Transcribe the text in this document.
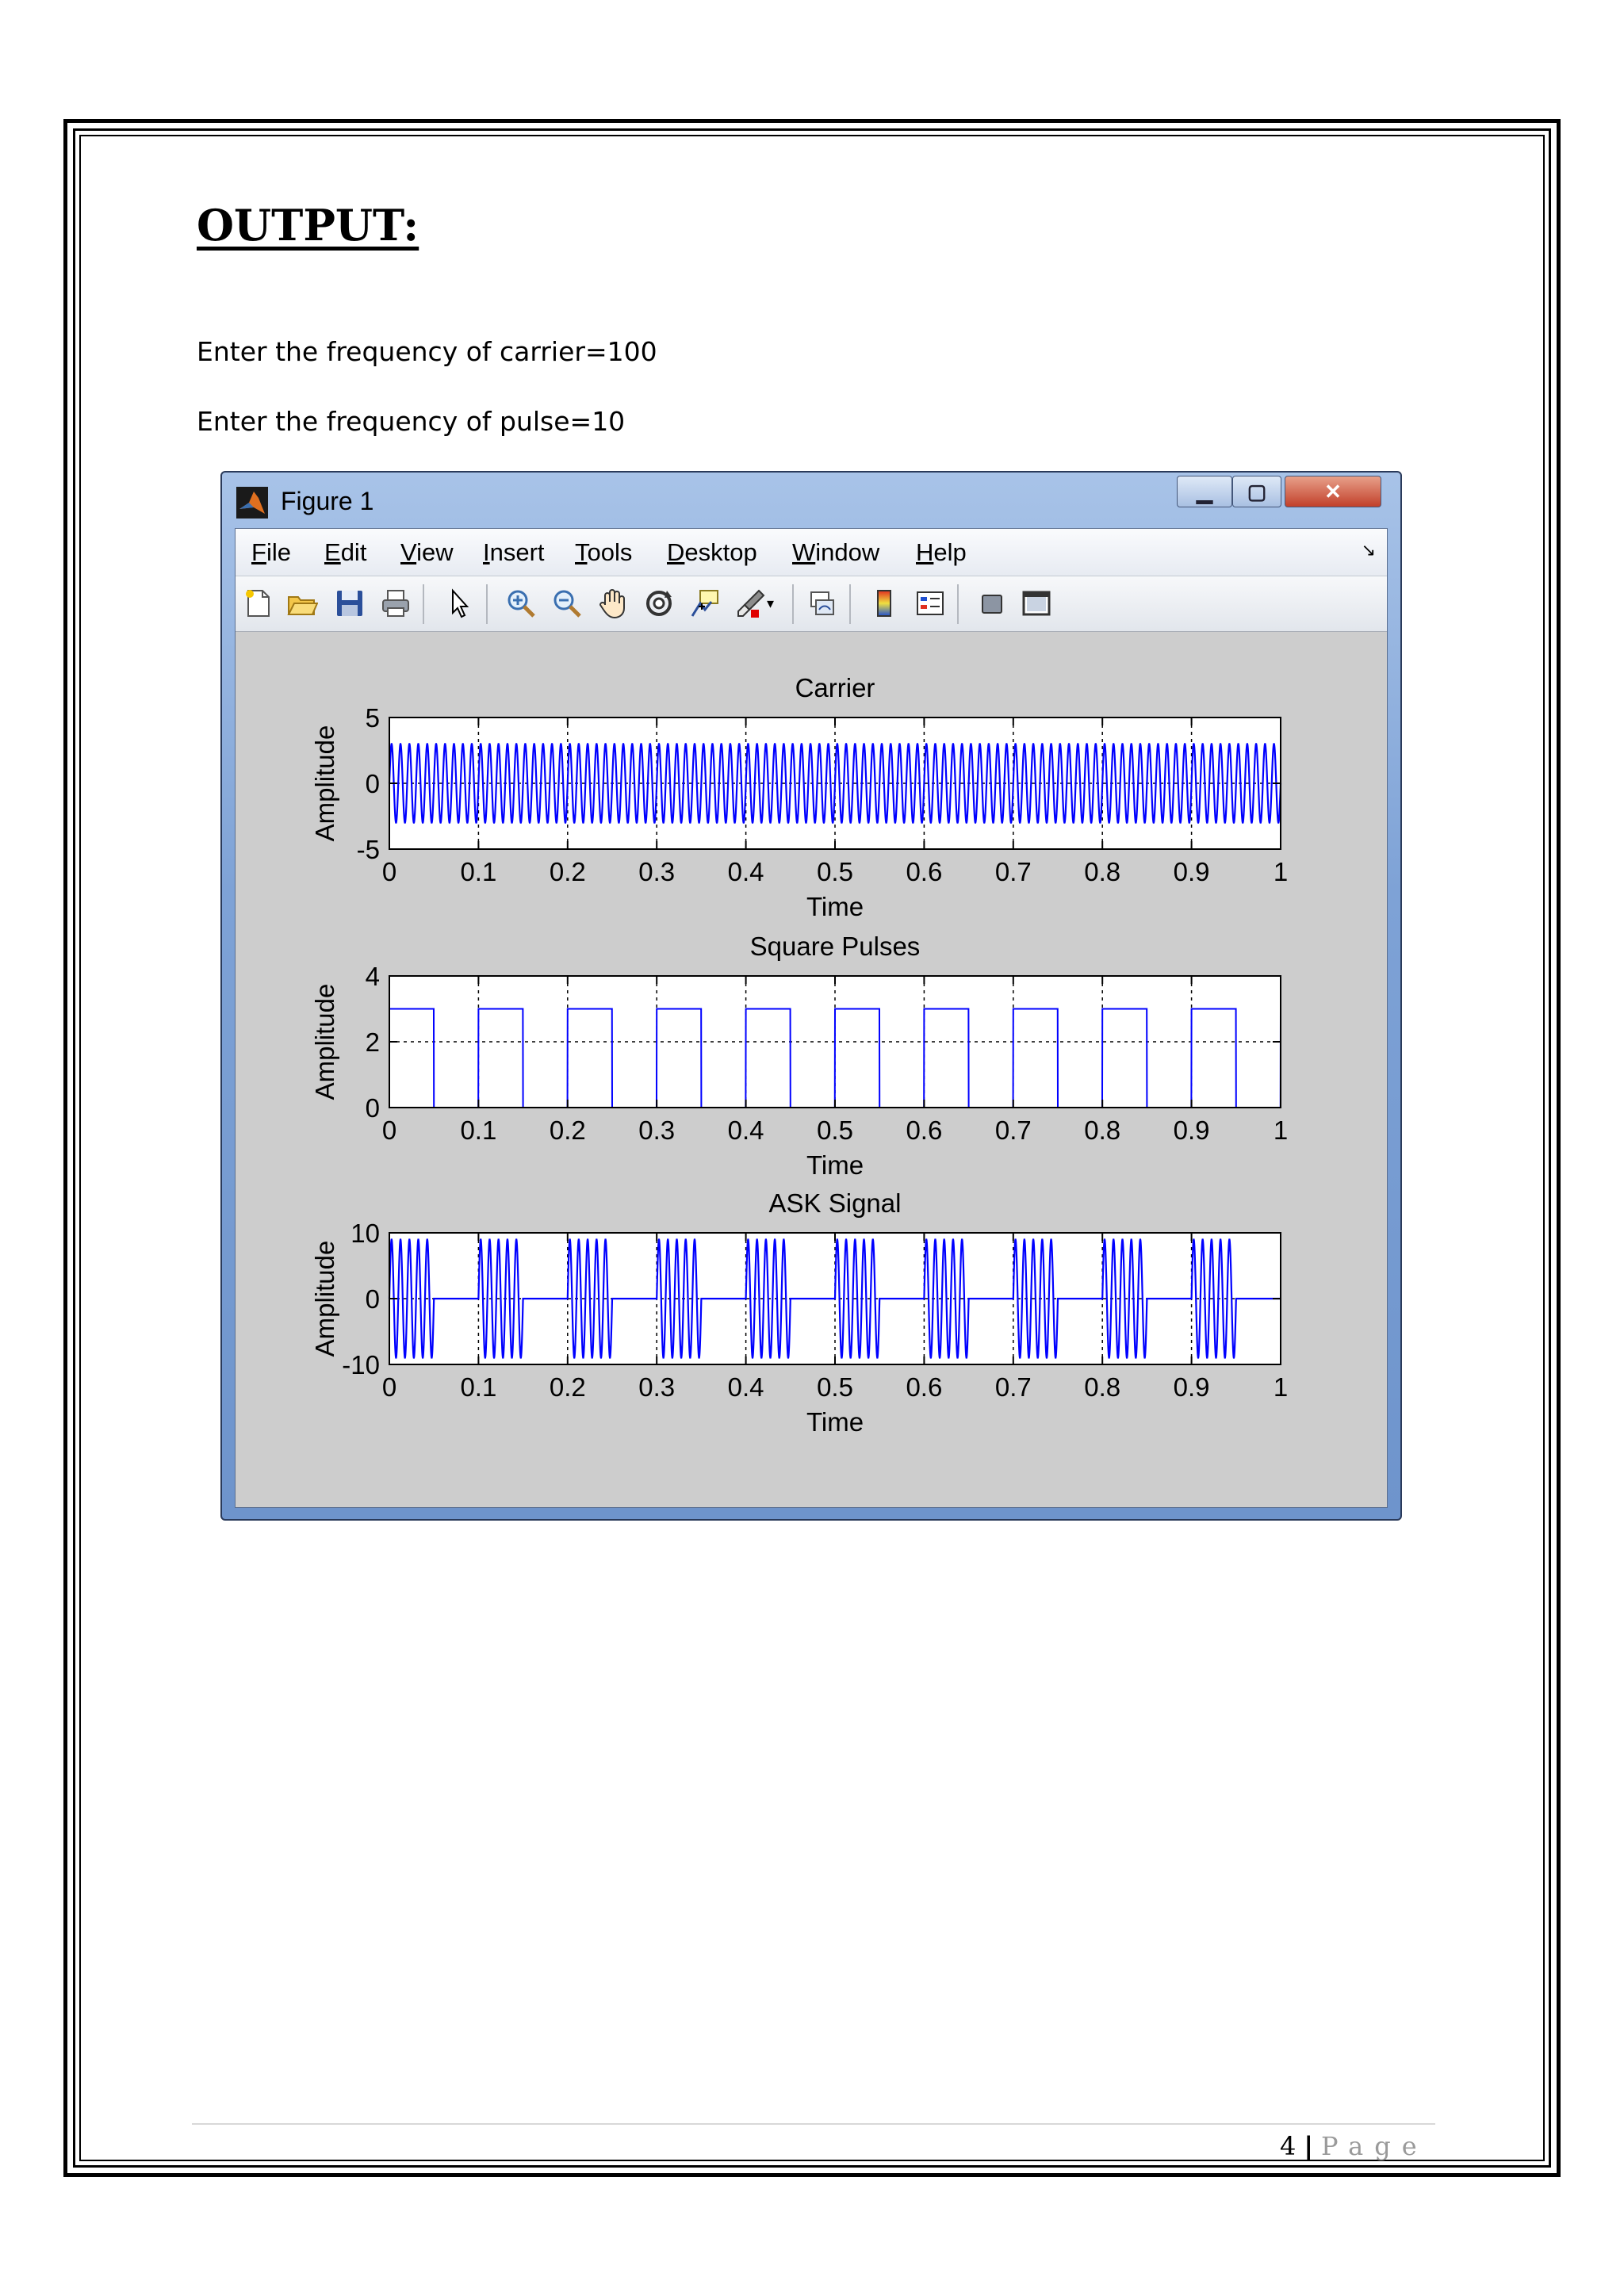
OUTPUT:
Enter the frequency of carrier=100
Enter the frequency of pulse=10
Figure 1	▁	▢	✕
File Edit View Insert Tools Desktop Window Help	↘
▾
0 0.1 0.2 0.3 0.4 0.5 0.6 0.7 0.8 0.9 1
-5
0
5
Carrier
Time
Amplitude
0 0.1 0.2 0.3 0.4 0.5 0.6 0.7 0.8 0.9 1
0
2
4
Square Pulses
Time
Amplitude
0 0.1 0.2 0.3 0.4 0.5 0.6 0.7 0.8 0.9 1
-10
0
10
ASK Signal
Time
Amplitude
4 | Page
